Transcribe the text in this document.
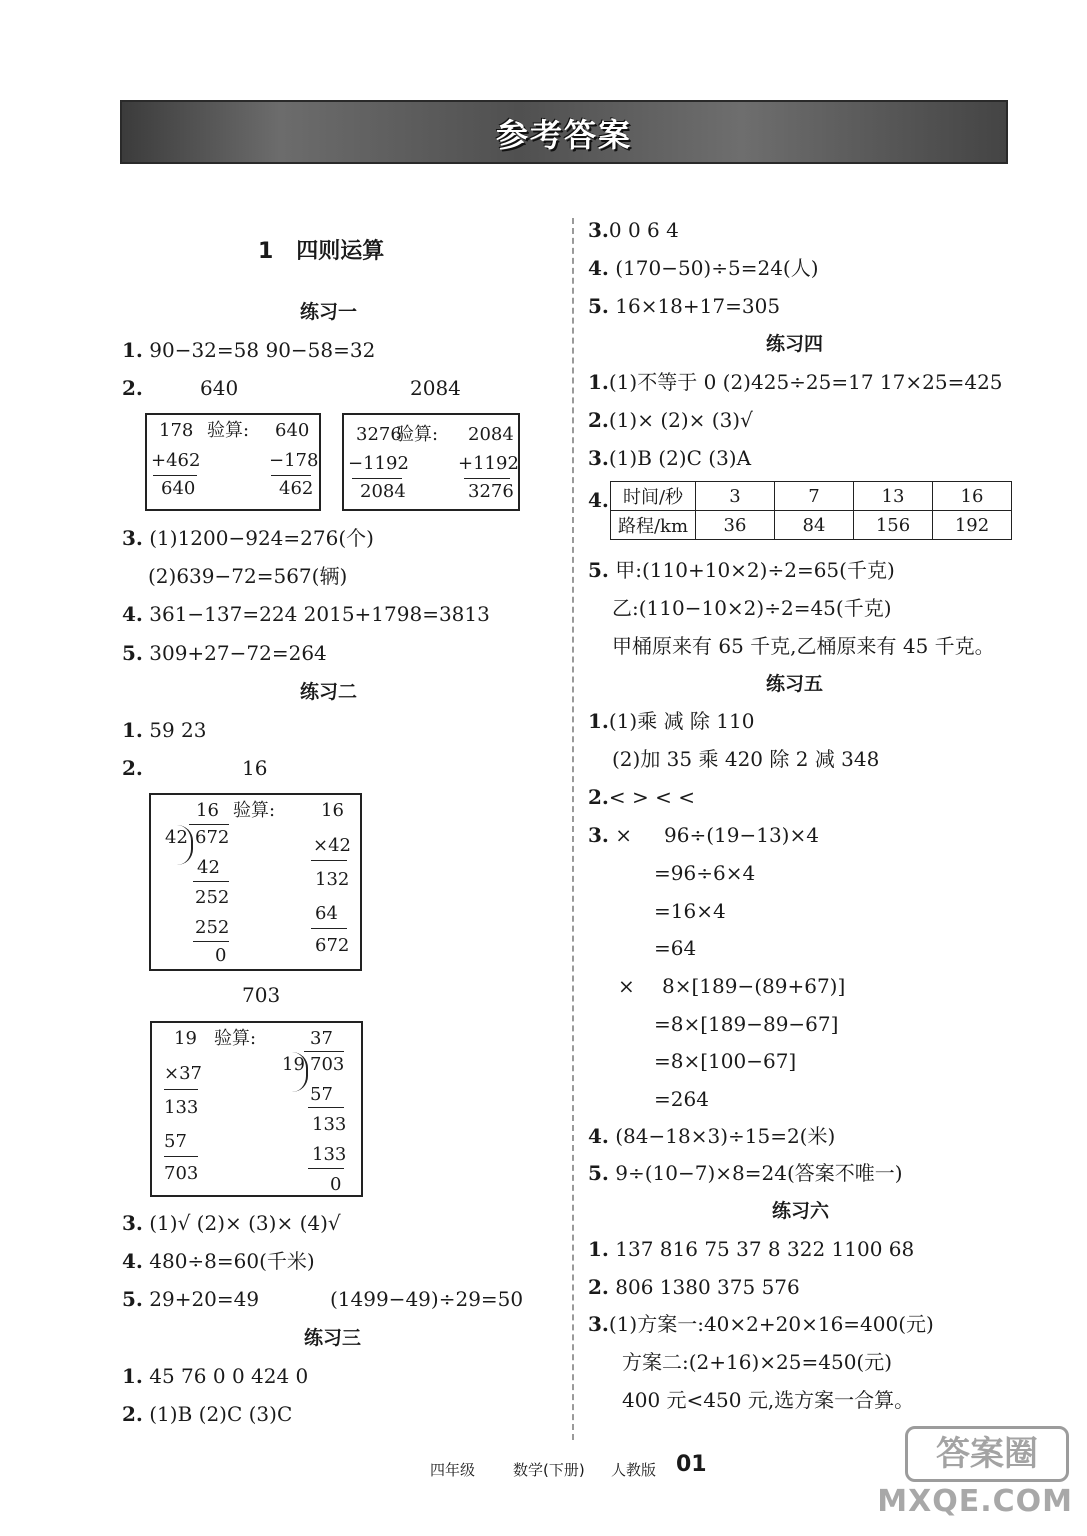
参考答案
1 四则运算
练习一
1. 90−32=58 90−58=32
2.	640	2084
178 验算: 640
+462	−178
640	462
3276
验算: 2084
−1192	+1192
2084	3276
3. (1)1200−924=276(个)
(2)639−72=567(辆)
4. 361−137=224 2015+1798=3813
5. 309+27−72=264
练习二
1. 59 23
2.	16
16 验算:	16
42 672	×42
42
132
252
64
252
672
0
703
19 验算:	37
19 703
×37
57
133
133
57
133
703
0
3. (1)√ (2)× (3)× (4)√
4. 480÷8=60(千米)
5. 29+20=49	(1499−49)÷29=50
练习三
1. 45 76 0 0 424 0
2. (1)B (2)C (3)C
3.0 0 6 4
4. (170−50)÷5=24(人)
5. 16×18+17=305
练习四
1.(1)不等于 0 (2)425÷25=17 17×25=425
2.(1)× (2)× (3)√
3.(1)B (2)C (3)A
4. 时间/秒	3	7	13	16
路程/km	36	84	156	192
5. 甲:(110+10×2)÷2=65(千克)
乙:(110−10×2)÷2=45(千克)
甲桶原来有 65 千克,乙桶原来有 45 千克。
练习五
1.(1)乘 减 除 110
(2)加 35 乘 420 除 2 减 348
2.< > < <
3. × 96÷(19−13)×4
=96÷6×4
=16×4
=64
× 8×[189−(89+67)]
=8×[189−89−67]
=8×[100−67]
=264
4. (84−18×3)÷15=2(米)
5. 9÷(10−7)×8=24(答案不唯一)
练习六
1. 137 816 75 37 8 322 1100 68
2. 806 1380 375 576
3.(1)方案一:40×2+20×16=400(元)
方案二:(2+16)×25=450(元)
400 元<450 元,选方案一合算。
四年级	数学(下册) 人教版 01	答案圈
MXQE.COM
